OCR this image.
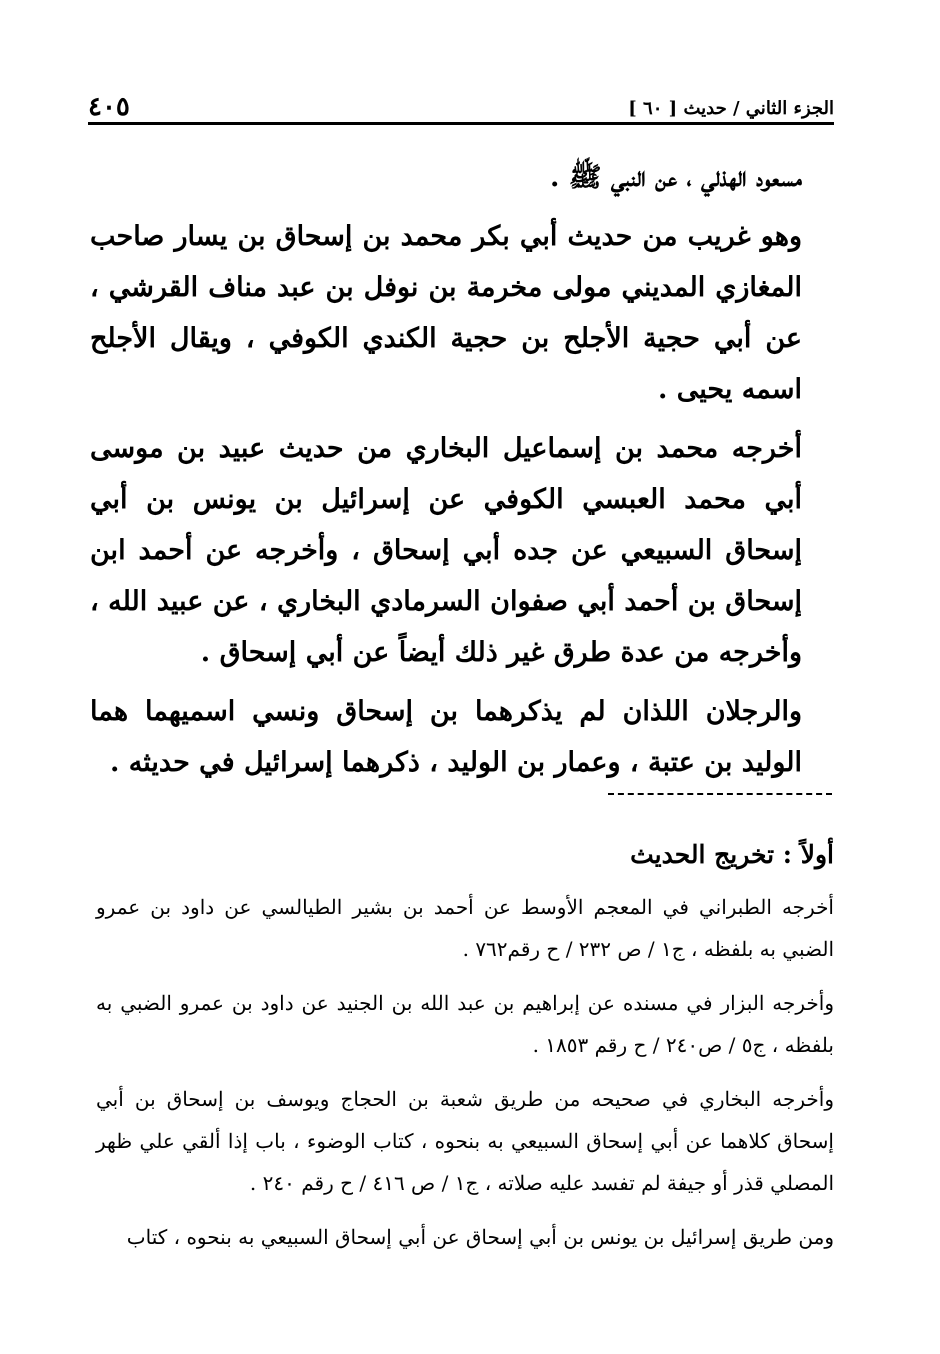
الجزء الثاني / حديث [ ٦٠ ]
٤٠٥

مسعود الهذلي ، عن النبي ﷺ .

وهو غريب من حديث أبي بكر محمد بن إسحاق بن يسار صاحب المغازي المديني مولى مخرمة بن نوفل بن عبد مناف القرشي ، عن أبي حجية الأجلح بن حجية الكندي الكوفي ، ويقال الأجلح اسمه يحيى .

أخرجه محمد بن إسماعيل البخاري من حديث عبيد بن موسى أبي محمد العبسي الكوفي عن إسرائيل بن يونس بن أبي إسحاق السبيعي عن جده أبي إسحاق ، وأخرجه عن أحمد ابن إسحاق بن أحمد أبي صفوان السرمادي البخاري ، عن عبيد الله ، وأخرجه من عدة طرق غير ذلك أيضاً عن أبي إسحاق .

والرجلان اللذان لم يذكرهما بن إسحاق ونسي اسميهما هما الوليد بن عتبة ، وعمار بن الوليد ، ذكرهما إسرائيل في حديثه .

أولاً : تخريج الحديث

أخرجه الطبراني في المعجم الأوسط عن أحمد بن بشير الطيالسي عن داود بن عمرو الضبي به بلفظه ، ج١ / ص ٢٣٢ / ح رقم٧٦٢ .

وأخرجه البزار في مسنده عن إبراهيم بن عبد الله بن الجنيد عن داود بن عمرو الضبي به بلفظه ، ج٥ / ص٢٤٠ / ح رقم ١٨٥٣ .

وأخرجه البخاري في صحيحه من طريق شعبة بن الحجاج ويوسف بن إسحاق بن أبي إسحاق كلاهما عن أبي إسحاق السبيعي به بنحوه ، كتاب الوضوء ، باب إذا ألقي علي ظهر المصلي قذر أو جيفة لم تفسد عليه صلاته ، ج١ / ص ٤١٦ / ح رقم ٢٤٠ .

ومن طريق إسرائيل بن يونس بن أبي إسحاق عن أبي إسحاق السبيعي به بنحوه ، كتاب
